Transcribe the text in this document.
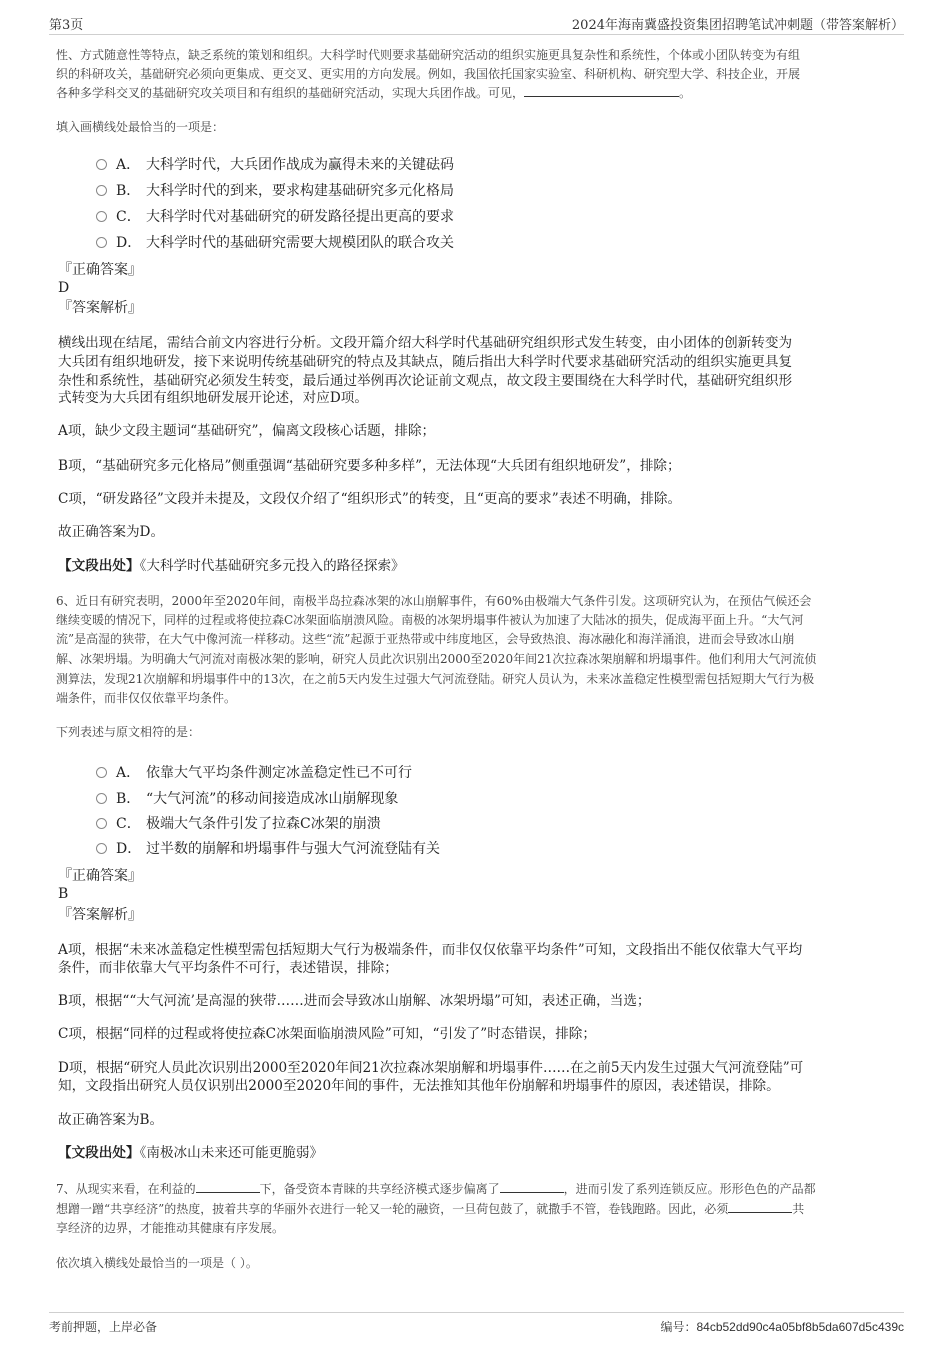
第3页	2024年海南冀盛投资集团招聘笔试冲刺题（带答案解析）

性、方式随意性等特点，缺乏系统的策划和组织。大科学时代则要求基础研究活动的组织实施更具复杂性和系统性，个体或小团队转变为有组

织的科研攻关，基础研究必须向更集成、更交叉、更实用的方向发展。例如，我国依托国家实验室、科研机构、研究型大学、科技企业，开展

各种多学科交叉的基础研究攻关项目和有组织的基础研究活动，实现大兵团作战。可见，	。

填入画横线处最恰当的一项是：

A． 大科学时代，大兵团作战成为赢得未来的关键砝码
B． 大科学时代的到来，要求构建基础研究多元化格局
C． 大科学时代对基础研究的研发路径提出更高的要求
D． 大科学时代的基础研究需要大规模团队的联合攻关

『正确答案』

D

『答案解析』

横线出现在结尾，需结合前文内容进行分析。文段开篇介绍大科学时代基础研究组织形式发生转变，由小团体的创新转变为

大兵团有组织地研发，接下来说明传统基础研究的特点及其缺点，随后指出大科学时代要求基础研究活动的组织实施更具复

杂性和系统性，基础研究必须发生转变，最后通过举例再次论证前文观点，故文段主要围绕在大科学时代，基础研究组织形

式转变为大兵团有组织地研发展开论述，对应D项。

A项，缺少文段主题词“基础研究”，偏离文段核心话题，排除；

B项，“基础研究多元化格局”侧重强调“基础研究要多种多样”，无法体现“大兵团有组织地研发”，排除；

C项，“研发路径”文段并未提及，文段仅介绍了“组织形式”的转变，且“更高的要求”表述不明确，排除。

故正确答案为D。

【文段出处】《大科学时代基础研究多元投入的路径探索》

6、近日有研究表明，2000年至2020年间，南极半岛拉森冰架的冰山崩解事件，有60%由极端大气条件引发。这项研究认为，在预估气候还会

继续变暖的情况下，同样的过程或将使拉森C冰架面临崩溃风险。南极的冰架坍塌事件被认为加速了大陆冰的损失，促成海平面上升。“大气河

流”是高湿的狭带，在大气中像河流一样移动。这些“流”起源于亚热带或中纬度地区，会导致热浪、海冰融化和海洋涌浪，进而会导致冰山崩

解、冰架坍塌。为明确大气河流对南极冰架的影响，研究人员此次识别出2000至2020年间21次拉森冰架崩解和坍塌事件。他们利用大气河流侦

测算法，发现21次崩解和坍塌事件中的13次，在之前5天内发生过强大气河流登陆。研究人员认为，未来冰盖稳定性模型需包括短期大气行为极

端条件，而非仅仅依靠平均条件。

下列表述与原文相符的是：

A． 依靠大气平均条件测定冰盖稳定性已不可行
B． “大气河流”的移动间接造成冰山崩解现象
C． 极端大气条件引发了拉森C冰架的崩溃
D． 过半数的崩解和坍塌事件与强大气河流登陆有关

『正确答案』

B

『答案解析』

A项，根据“未来冰盖稳定性模型需包括短期大气行为极端条件，而非仅仅依靠平均条件”可知，文段指出不能仅依靠大气平均

条件，而非依靠大气平均条件不可行，表述错误，排除；

B项，根据““大气河流’是高湿的狭带……进而会导致冰山崩解、冰架坍塌”可知，表述正确，当选；

C项，根据“同样的过程或将使拉森C冰架面临崩溃风险”可知，“引发了”时态错误，排除；

D项，根据“研究人员此次识别出2000至2020年间21次拉森冰架崩解和坍塌事件……在之前5天内发生过强大气河流登陆”可

知，文段指出研究人员仅识别出2000至2020年间的事件，无法推知其他年份崩解和坍塌事件的原因，表述错误，排除。

故正确答案为B。

【文段出处】《南极冰山未来还可能更脆弱》

7、从现实来看，在利益的	下，备受资本青睐的共享经济模式逐步偏离了	，进而引发了系列连锁反应。形形色色的产品都

想蹭一蹭“共享经济”的热度，披着共享的华丽外衣进行一轮又一轮的融资，一旦荷包鼓了，就撒手不管，卷钱跑路。因此，必须	共

享经济的边界，才能推动其健康有序发展。

依次填入横线处最恰当的一项是（ ）。

考前押题，上岸必备	编号：84cb52dd90c4a05bf8b5da607d5c439c
